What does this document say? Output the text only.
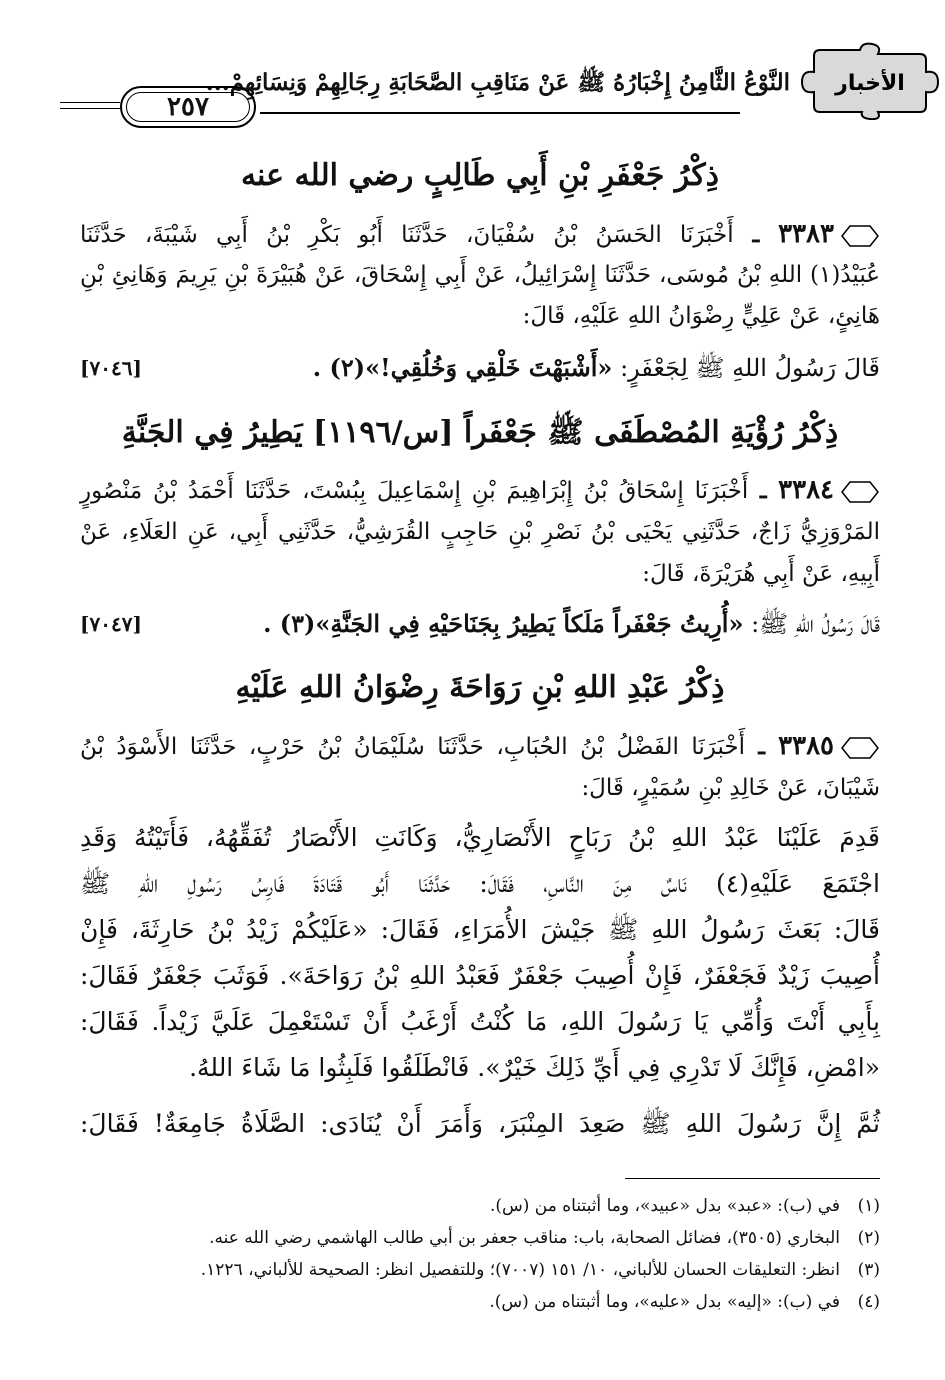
الأخبار
النَّوْعُ الثَّامِنُ إِخْبَارُهُ ﷺ عَنْ مَنَاقِبِ الصَّحَابَةِ رِجَالِهِمْ وَنِسَائِهِمْ...
٢٥٧
ذِكْرُ جَعْفَرِ بْنِ أَبِي طَالِبٍ رضي الله عنه
٣٣٨٣ ـ أَخْبَرَنَا الحَسَنُ بْنُ سُفْيَانَ، حَدَّثَنَا أَبُو بَكْرِ بْنُ أَبِي شَيْبَةَ، حَدَّثَنَا
عُبَيْدُ(١) اللهِ بْنُ مُوسَى، حَدَّثَنَا إِسْرَائِيلُ، عَنْ أَبِي إِسْحَاقَ، عَنْ هُبَيْرَةَ بْنِ يَرِيمَ وَهَانِئِ بْنِ
هَانِئٍ، عَنْ عَلِيٍّ رِضْوَانُ اللهِ عَلَيْهِ، قَالَ:
قَالَ رَسُولُ اللهِ ﷺ لِجَعْفَرٍ: «أَشْبَهْتَ خَلْقِي وَخُلُقِي!»(٢) .
[٧٠٤٦]
ذِكْرُ رُؤْيَةِ المُصْطَفَى ﷺ جَعْفَراً [س/١١٩٦] يَطِيرُ فِي الجَنَّةِ
٣٣٨٤ ـ أَخْبَرَنَا إِسْحَاقُ بْنُ إِبْرَاهِيمَ بْنِ إِسْمَاعِيلَ بِبُسْتَ، حَدَّثَنَا أَحْمَدُ بْنُ مَنْصُورٍ
المَرْوَزِيُّ زَاجٌ، حَدَّثَنِي يَحْيَى بْنُ نَصْرِ بْنِ حَاجِبٍ القُرَشِيُّ، حَدَّثَنِي أَبِي، عَنِ العَلَاءِ، عَنْ
أَبِيهِ، عَنْ أَبِي هُرَيْرَةَ، قَالَ:
قَالَ رَسُولُ اللهِ ﷺ: «أُرِيتُ جَعْفَراً مَلَكاً يَطِيرُ بِجَنَاحَيْهِ فِي الجَنَّةِ»(٣) .
[٧٠٤٧]
ذِكْرُ عَبْدِ اللهِ بْنِ رَوَاحَةَ رِضْوَانُ اللهِ عَلَيْهِ
٣٣٨٥ ـ أَخْبَرَنَا الفَضْلُ بْنُ الحُبَابِ، حَدَّثَنَا سُلَيْمَانُ بْنُ حَرْبٍ، حَدَّثَنَا الأَسْوَدُ بْنُ
شَيْبَانَ، عَنْ خَالِدِ بْنِ سُمَيْرٍ، قَالَ:
قَدِمَ عَلَيْنَا عَبْدُ اللهِ بْنُ رَبَاحٍ الأَنْصَارِيُّ، وَكَانَتِ الأَنْصَارُ تُفَقِّهُهُ، فَأَتَيْتُهُ وَقَدِ
اجْتَمَعَ عَلَيْهِ(٤) نَاسٌ مِنَ النَّاسِ، فَقَالَ: حَدَّثَنَا أَبُو قَتَادَةَ فَارِسُ رَسُولِ اللهِ ﷺ
قَالَ: بَعَثَ رَسُولُ اللهِ ﷺ جَيْشَ الأُمَرَاءِ، فَقَالَ: «عَلَيْكُمْ زَيْدُ بْنُ حَارِثَةَ، فَإِنْ
أُصِيبَ زَيْدٌ فَجَعْفَرٌ، فَإِنْ أُصِيبَ جَعْفَرٌ فَعَبْدُ اللهِ بْنُ رَوَاحَةَ». فَوَثَبَ جَعْفَرٌ فَقَالَ:
بِأَبِي أَنْتَ وَأُمِّي يَا رَسُولَ اللهِ، مَا كُنْتُ أَرْغَبُ أَنْ تَسْتَعْمِلَ عَلَيَّ زَيْداً. فَقَالَ:
«امْضِ، فَإِنَّكَ لَا تَدْرِي فِي أَيِّ ذَلِكَ خَيْرٌ». فَانْطَلَقُوا فَلَبِثُوا مَا شَاءَ اللهُ.
ثُمَّ إِنَّ رَسُولَ اللهِ ﷺ صَعِدَ المِنْبَرَ، وَأَمَرَ أَنْ يُنَادَى: الصَّلَاةُ جَامِعَةٌ! فَقَالَ:
(١)في (ب): «عبد» بدل «عبيد»، وما أثبتناه من (س).
(٢)البخاري (٣٥٠٥)، فضائل الصحابة، باب: مناقب جعفر بن أبي طالب الهاشمي رضي الله عنه.
(٣)انظر: التعليقات الحسان للألباني، ١٠/ ١٥١ (٧٠٠٧)؛ وللتفصيل انظر: الصحيحة للألباني، ١٢٢٦.
(٤)في (ب): «إليه» بدل «عليه»، وما أثبتناه من (س).
